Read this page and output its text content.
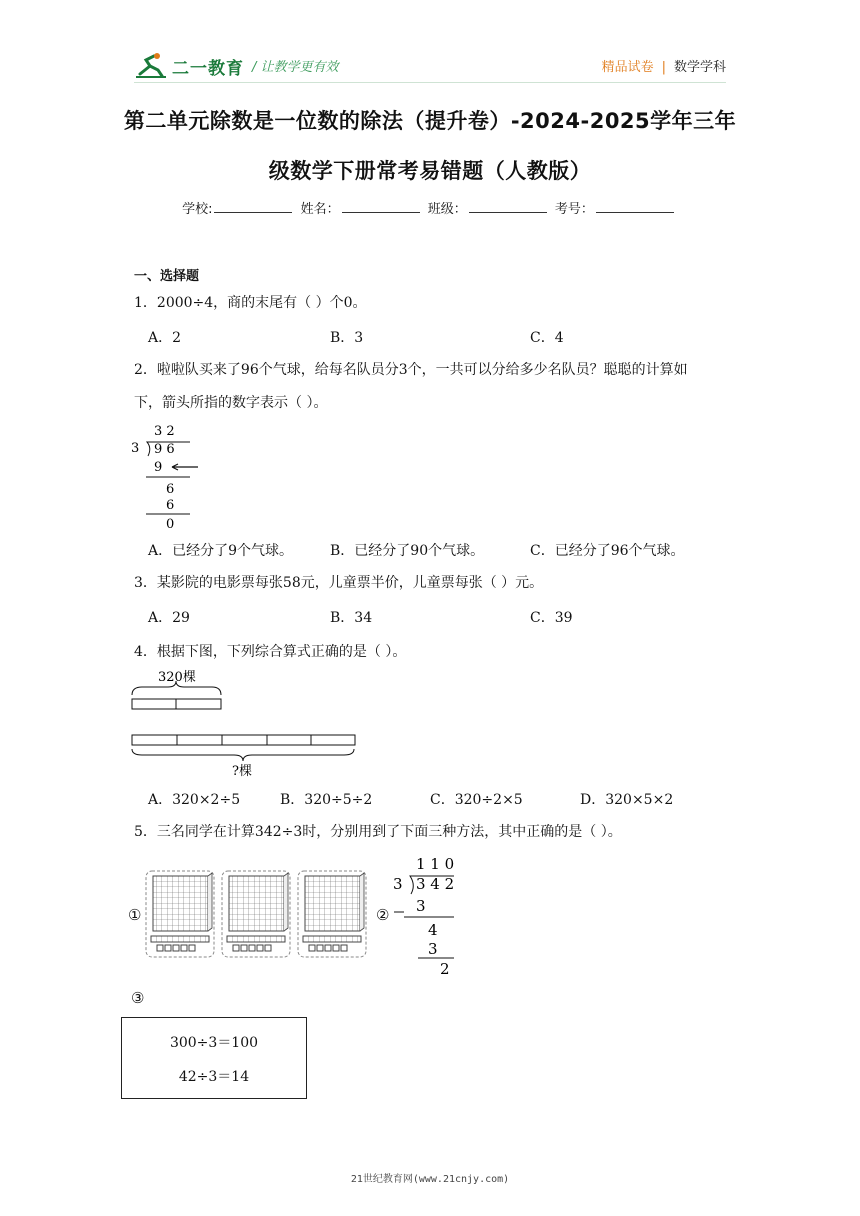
二一教育 / 让教学更有效	精品试卷 | 数学学科
第二单元除数是一位数的除法（提升卷）-2024-2025学年三年
级数学下册常考易错题（人教版）
学校:	姓名：	班级：	考号：
一、选择题
1．2000÷4，商的末尾有（ ）个0。
A．2	B．3	C．4
2．啦啦队买来了96个气球，给每名队员分3个，一共可以分给多少名队员？聪聪的计算如
下，箭头所指的数字表示（ ）。
3 2
3 9 6
9
6
6
0
A．已经分了9个气球。	B．已经分了90个气球。	C．已经分了96个气球。
3．某影院的电影票每张58元，儿童票半价，儿童票每张（ ）元。
A．29	B．34	C．39
4．根据下图，下列综合算式正确的是（ ）。
320棵
?棵
A．320×2÷5	B．320÷5÷2	C．320÷2×5	D．320×5×2
5．三名同学在计算342÷3时，分别用到了下面三种方法，其中正确的是（ ）。
①	②
1 1 0
3 3 4 2
3
4
3
2
③
300÷3＝100
42÷3＝14
21世纪教育网(www.21cnjy.com)
